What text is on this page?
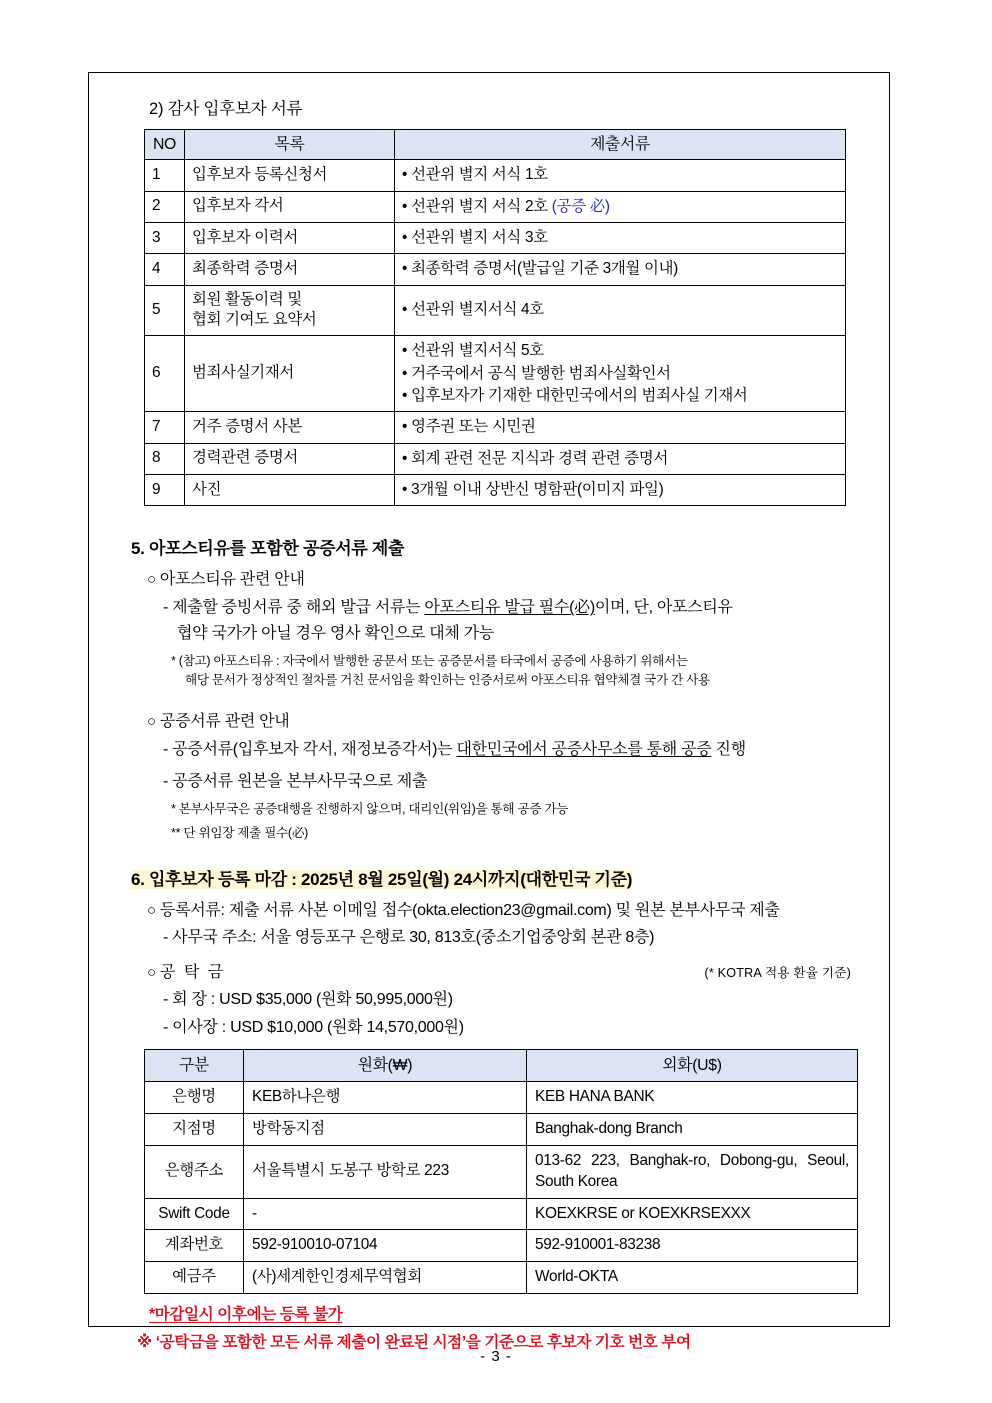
2) 감사 입후보자 서류
NO	목록	제출서류
1	입후보자 등록신청서	• 선관위 별지 서식 1호

2	입후보자 각서	• 선관위 별지 서식 2호 (공증 必)

3	입후보자 이력서	• 선관위 별지 서식 3호

4	최종학력 증명서	• 최종학력 증명서(발급일 기준 3개월 이내)

5	회원 활동이력 및
협회 기여도 요약서	• 선관위 별지서식 4호

6	범죄사실기재서	• 선관위 별지서식 5호
• 거주국에서 공식 발행한 범죄사실확인서
• 입후보자가 기재한 대한민국에서의 범죄사실 기재서

7	거주 증명서 사본	• 영주권 또는 시민권

8	경력관련 증명서	• 회계 관련 전문 지식과 경력 관련 증명서

9	사진	• 3개월 이내 상반신 명함판(이미지 파일)
5. 아포스티유를 포함한 공증서류 제출
○ 아포스티유 관련 안내
- 제출할 증빙서류 중 해외 발급 서류는 아포스티유 발급 필수(必)이며, 단, 아포스티유
협약 국가가 아닐 경우 영사 확인으로 대체 가능
* (참고) 아포스티유 : 자국에서 발행한 공문서 또는 공증문서를 타국에서 공증에 사용하기 위해서는
해당 문서가 정상적인 절차를 거친 문서임을 확인하는 인증서로써 아포스티유 협약체결 국가 간 사용
○ 공증서류 관련 안내
- 공증서류(입후보자 각서, 재정보증각서)는 대한민국에서 공증사무소를 통해 공증 진행
- 공증서류 원본을 본부사무국으로 제출
* 본부사무국은 공증대행을 진행하지 않으며, 대리인(위임)을 통해 공증 가능
** 단 위임장 제출 필수(必)
6. 입후보자 등록 마감 : 2025년 8월 25일(월) 24시까지(대한민국 기준)
○ 등록서류: 제출 서류 사본 이메일 접수(okta.election23@gmail.com) 및 원본 본부사무국 제출
- 사무국 주소: 서울 영등포구 은행로 30, 813호(중소기업중앙회 본관 8층)
○ 공 탁 금	(* KOTRA 적용 환율 기준)
- 회 장 : USD $35,000 (원화 50,995,000원)
- 이사장 : USD $10,000 (원화 14,570,000원)
구분	원화(₩)	외화(U$)
은행명	KEB하나은행	KEB HANA BANK
지점명	방학동지점	Banghak-dong Branch
은행주소	서울특별시 도봉구 방학로 223	013-62 223, Banghak-ro, Dobong-gu, Seoul, South Korea
Swift Code	-	KOEXKRSE or KOEXKRSEXXX
계좌번호	592-910010-07104	592-910001-83238
예금주	(사)세계한인경제무역협회	World-OKTA
*마감일시 이후에는 등록 불가
※ ‘공탁금을 포함한 모든 서류 제출이 완료된 시점’을 기준으로 후보자 기호 번호 부여
- 3 -
